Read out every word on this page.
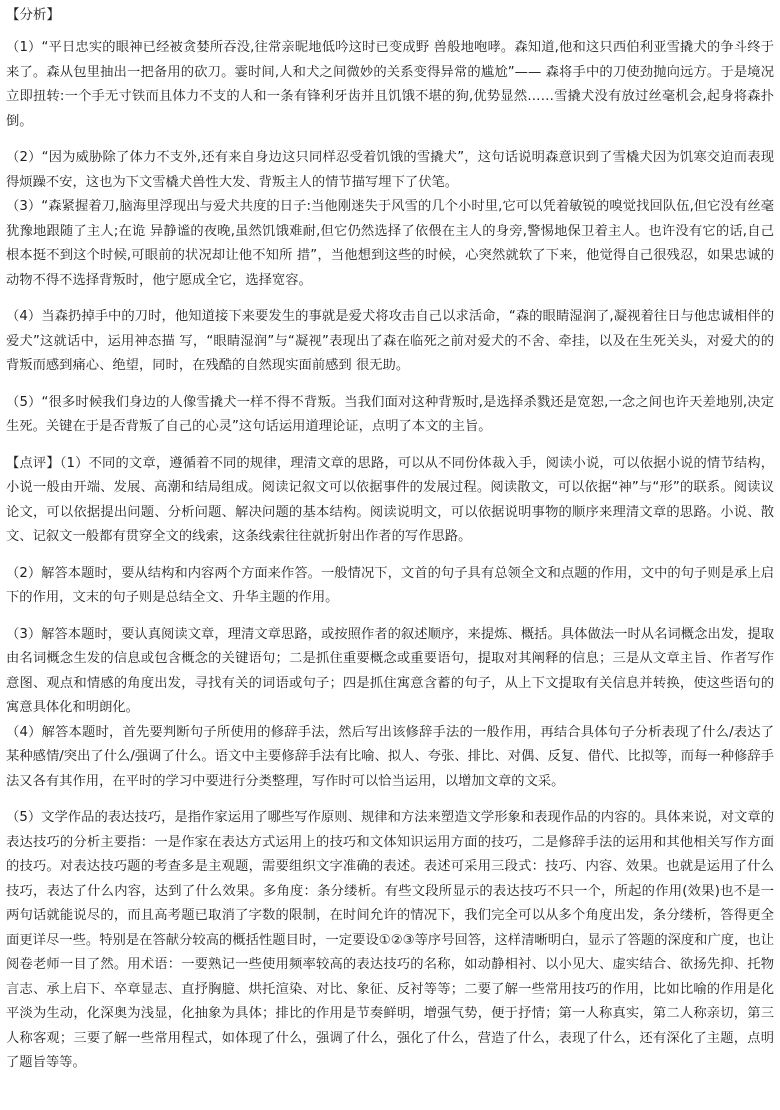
【分析】

（1）“平日忠实的眼神已经被贪婪所吞没,往常亲昵地低吟这时已变成野 兽般地咆哮。森知道,他和这只西伯利亚雪撬犬的争斗终于来了。森从包里抽出一把备用的砍刀。霎时间,人和犬之间微妙的关系变得异常的尴尬”—— 森将手中的刀使劲抛向远方。于是境况立即扭转:一个手无寸铁而且体力不支的人和一条有锋利牙齿并且饥饿不堪的狗,优势显然……雪撬犬没有放过丝毫机会,起身将森扑倒。

（2）“因为威胁除了体力不支外,还有来自身边这只同样忍受着饥饿的雪撬犬”，这句话说明森意识到了雪橇犬因为饥寒交迫而表现得烦躁不安，这也为下文雪橇犬兽性大发、背叛主人的情节描写埋下了伏笔。

（3）“森紧握着刀,脑海里浮现出与爱犬共度的日子:当他刚迷失于风雪的几个小时里,它可以凭着敏锐的嗅觉找回队伍,但它没有丝毫犹豫地跟随了主人;在诡 异静谧的夜晚,虽然饥饿难耐,但它仍然选择了依偎在主人的身旁,警惕地保卫着主人。也许没有它的话,自己根本挺不到这个时候,可眼前的状况却让他不知所 措”，当他想到这些的时候，心突然就软了下来，他觉得自己很残忍，如果忠诚的动物不得不选择背叛时，他宁愿成全它，选择宽容。

（4）当森扔掉手中的刀时，他知道接下来要发生的事就是爱犬将攻击自己以求活命，“森的眼睛湿润了,凝视着往日与他忠诚相伴的爱犬”这就话中，运用神态描 写，“眼睛湿润”与“凝视”表现出了森在临死之前对爱犬的不舍、牵挂，以及在生死关头，对爱犬的的背叛而感到痛心、绝望，同时，在残酷的自然现实面前感到 很无助。

（5）“很多时候我们身边的人像雪撬犬一样不得不背叛。当我们面对这种背叛时,是选择杀戮还是宽恕,一念之间也许天差地别,决定生死。关键在于是否背叛了自己的心灵”这句话运用道理论证，点明了本文的主旨。

【点评】（1）不同的文章，遵循着不同的规律，理清文章的思路，可以从不同份体裁入手，阅读小说，可以依据小说的情节结构，小说一般由开端、发展、高潮和结局组成。阅读记叙文可以依据事件的发展过程。阅读散文，可以依据“神”与“形”的联系。阅读议论文，可以依据提出问题、分析问题、解决问题的基本结构。阅读说明文，可以依据说明事物的顺序来理清文章的思路。小说、散文、记叙文一般都有贯穿全文的线索，这条线索往往就折射出作者的写作思路。

（2）解答本题时，要从结构和内容两个方面来作答。一般情况下，文首的句子具有总领全文和点题的作用，文中的句子则是承上启下的作用，文末的句子则是总结全文、升华主题的作用。

（3）解答本题时，要认真阅读文章，理清文章思路，或按照作者的叙述顺序，来提炼、概括。具体做法一时从名词概念出发，提取由名词概念生发的信息或包含概念的关键语句；二是抓住重要概念或重要语句，提取对其阐释的信息；三是从文章主旨、作者写作意图、观点和情感的角度出发，寻找有关的词语或句子；四是抓住寓意含蓄的句子，从上下文提取有关信息并转换，使这些语句的寓意具体化和明朗化。

（4）解答本题时，首先要判断句子所使用的修辞手法，然后写出该修辞手法的一般作用，再结合具体句子分析表现了什么/表达了某种感情/突出了什么/强调了什么。语文中主要修辞手法有比喻、拟人、夸张、排比、对偶、反复、借代、比拟等，而每一种修辞手法又各有其作用，在平时的学习中要进行分类整理，写作时可以恰当运用，以增加文章的文采。

（5）文学作品的表达技巧，是指作家运用了哪些写作原则、规律和方法来塑造文学形象和表现作品的内容的。具体来说，对文章的表达技巧的分析主要指：一是作家在表达方式运用上的技巧和文体知识运用方面的技巧，二是修辞手法的运用和其他相关写作方面的技巧。对表达技巧题的考查多是主观题，需要组织文字准确的表述。表述可采用三段式：技巧、内容、效果。也就是运用了什么技巧，表达了什么内容，达到了什么效果。多角度：条分缕析。有些文段所显示的表达技巧不只一个，所起的作用(效果)也不是一两句话就能说尽的，而且高考题已取消了字数的限制，在时间允许的情况下，我们完全可以从多个角度出发，条分缕析，答得更全面更详尽一些。特别是在答献分较高的概括性题目时，一定要设①②③等序号回答，这样清晰明白，显示了答题的深度和广度，也让阅卷老师一目了然。用术语：一要熟记一些使用频率较高的表达技巧的名称，如动静相衬、以小见大、虚实结合、欲扬先抑、托物言志、承上启下、卒章显志、直抒胸臆、烘托渲染、对比、象征、反衬等等；二要了解一些常用技巧的作用，比如比喻的作用是化平淡为生动，化深奥为浅显，化抽象为具体；排比的作用是节奏鲜明，增强气势，便于抒情；第一人称真实，第二人称亲切，第三人称客观；三要了解一些常用程式，如体现了什么，强调了什么，强化了什么，营造了什么，表现了什么，还有深化了主题，点明了题旨等等。
